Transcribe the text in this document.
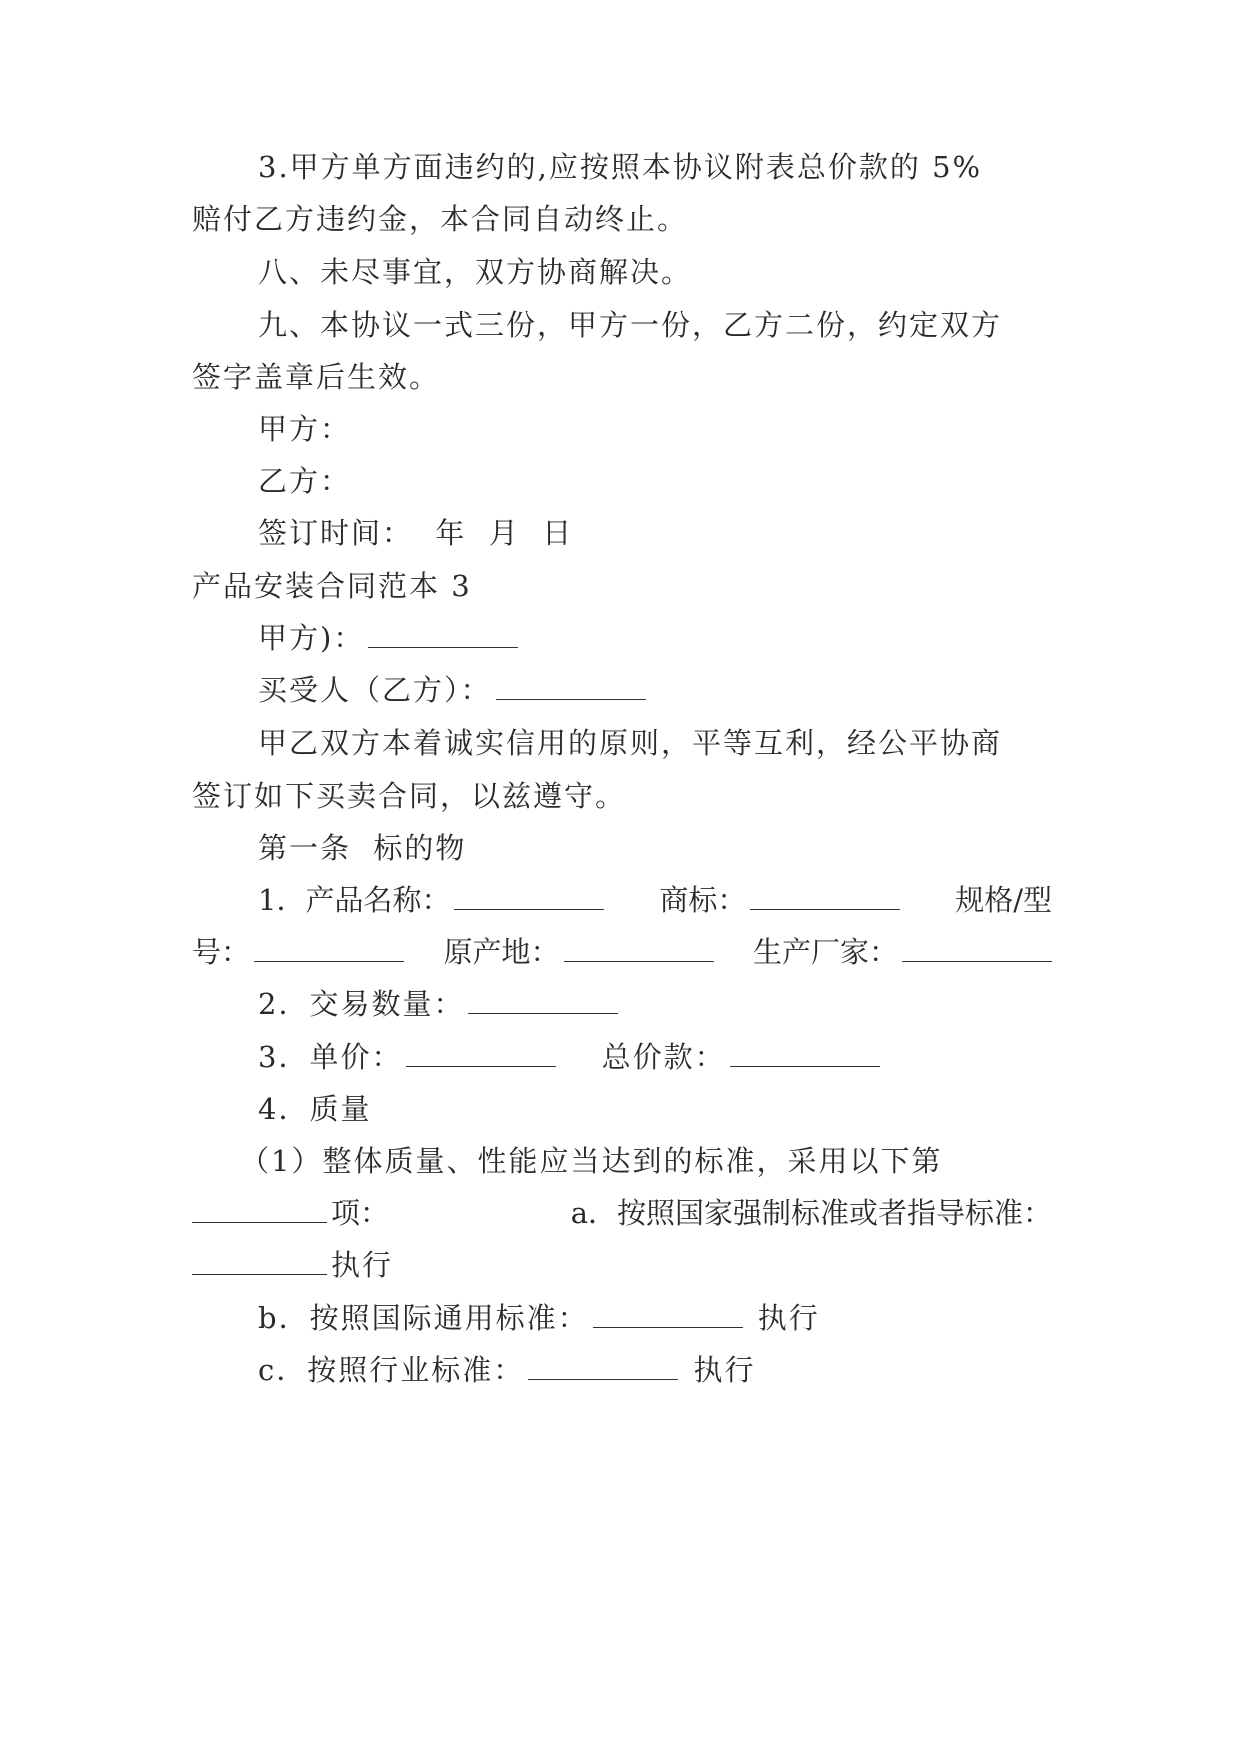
3.甲方单方面违约的,应按照本协议附表总价款的 5%
赔付乙方违约金，本合同自动终止。
八、未尽事宜，双方协商解决。
九、本协议一式三份，甲方一份，乙方二份，约定双方
签字盖章后生效。
甲方：
乙方：
签订时间：  年  月  日
产品安装合同范本 3
甲方)：
买受人（乙方）：
甲乙双方本着诚实信用的原则，平等互利，经公平协商
签订如下买卖合同，以兹遵守。
第一条  标的物
1．产品名称：	商标：	规格/型
号：	原产地：	生产厂家：
2．交易数量：
3．单价：	总价款：
4．质量
（1）整体质量、性能应当达到的标准，采用以下第
项：	a．按照国家强制标准或者指导标准：
执行
b．按照国际通用标准：	执行
c．按照行业标准：	执行
